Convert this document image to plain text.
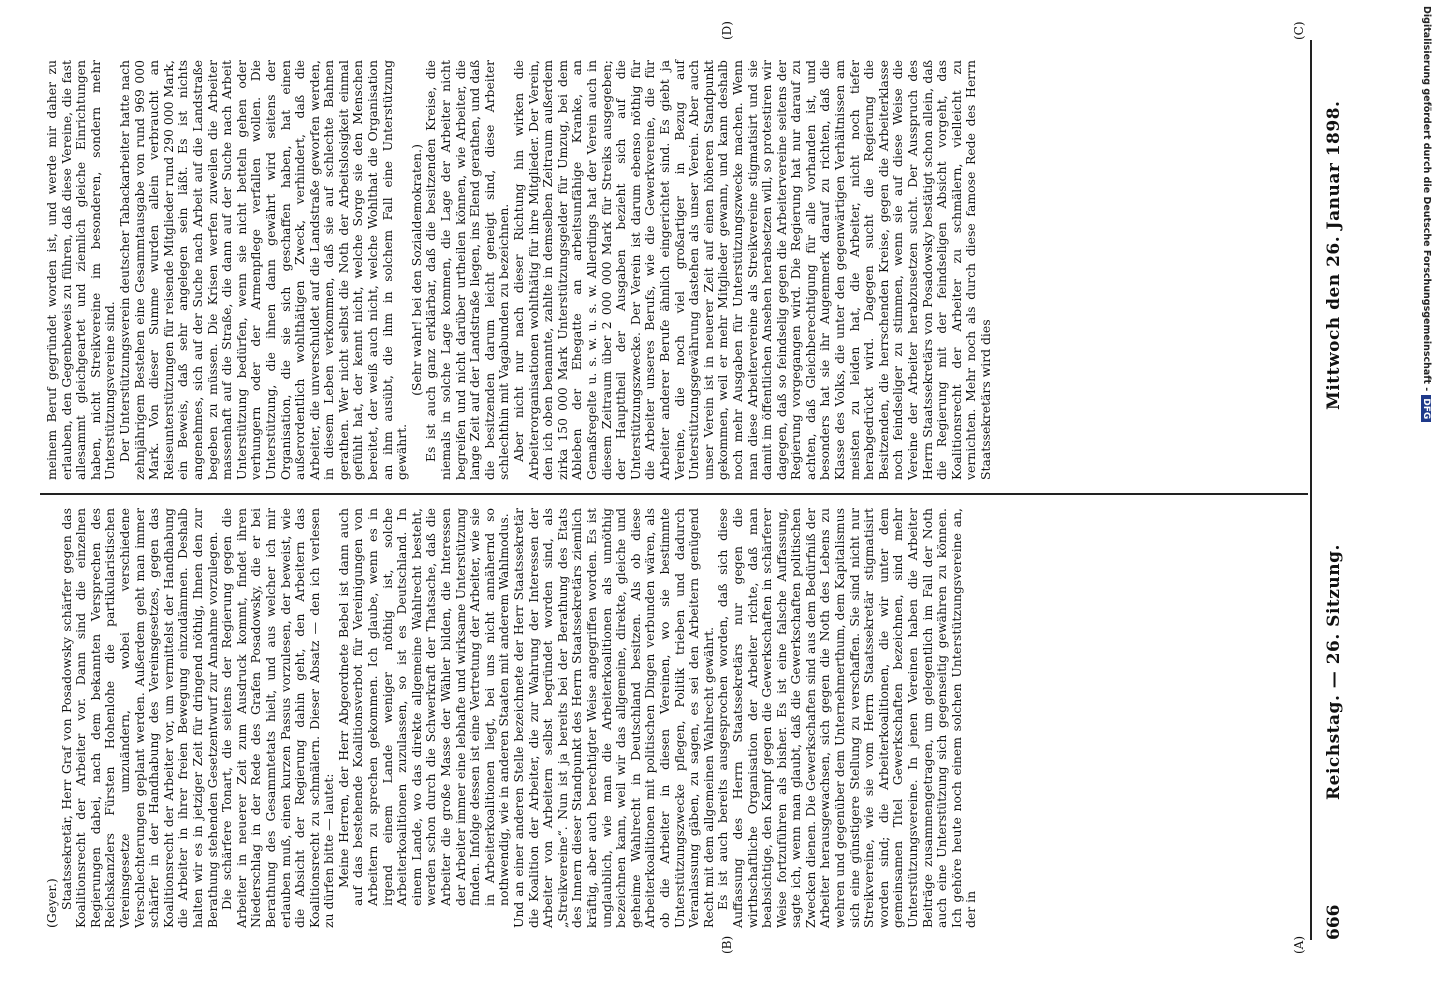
666
Reichstag. — 26. Sitzung.
Mittwoch den 26. Januar 1898.
(A)
(B)
(C)
(D)

(Geyer.) Staatssekretär, Herr Graf von Posadowsky schärfer gegen das Koalitionsrecht der Arbeiter vor. Dann sind die einzelnen Regierungen dabei, nach dem bekannten Versprechen des Reichskanzlers Fürsten Hohenlohe die partikularistischen Vereinsgesetze umzuändern, wobei verschiedene Verschlechterungen geplant werden. Außerdem geht man immer schärfer in der Handhabung des Vereinsgesetzes, gegen das Koalitionsrecht der Arbeiter vor, um vermittelst der Handhabung die Arbeiter in ihrer freien Bewegung einzudämmen. Deshalb halten wir es in jetziger Zeit für dringend nöthig, Ihnen den zur Berathung stehenden Gesetzentwurf zur Annahme vorzulegen. Die schärfere Tonart, die seitens der Regierung gegen die Arbeiter in neuerer Zeit zum Ausdruck kommt, findet ihren Niederschlag in der Rede des Grafen Posadowsky, die er bei Berathung des Gesammtetats hielt, und aus welcher ich mir erlauben muß, einen kurzen Passus vorzulesen, der beweist, wie die Absicht der Regierung dahin geht, den Arbeitern das Koalitionsrecht zu schmälern. Dieser Absatz — den ich verlesen zu dürfen bitte — lautet: Meine Herren, der Herr Abgeordnete Bebel ist dann auch auf das bestehende Koalitionsverbot für Vereinigungen von Arbeitern zu sprechen gekommen. Ich glaube, wenn es in irgend einem Lande weniger nöthig ist, solche Arbeiterkoalitionen zuzulassen, so ist es Deutschland. In einem Lande, wo das direkte allgemeine Wahlrecht besteht, werden schon durch die Schwerkraft der Thatsache, daß die Arbeiter die große Masse der Wähler bilden, die Interessen der Arbeiter immer eine lebhafte und wirksame Unterstützung finden. Infolge dessen ist eine Vertretung der Arbeiter, wie sie in Arbeiterkoalitionen liegt, bei uns nicht annähernd so nothwendig, wie in anderen Staaten mit anderem Wahlmodus. Und an einer anderen Stelle bezeichnete der Herr Staatssekretär die Koalition der Arbeiter, die zur Wahrung der Interessen der Arbeiter von Arbeitern selbst begründet worden sind, als „Streikvereine“. Nun ist ja bereits bei der Berathung des Etats des Innern dieser Standpunkt des Herrn Staatssekretärs ziemlich kräftig, aber auch berechtigter Weise angegriffen worden. Es ist unglaublich, wie man die Arbeiterkoalitionen als unnöthig bezeichnen kann, weil wir das allgemeine, direkte, gleiche und geheime Wahlrecht in Deutschland besitzen. Als ob diese Arbeiterkoalitionen mit politischen Dingen verbunden wären, als ob die Arbeiter in diesen Vereinen, wo sie bestimmte Unterstützungszwecke pflegen, Politik trieben und dadurch Veranlassung gäben, zu sagen, es sei den Arbeitern genügend Recht mit dem allgemeinen Wahlrecht gewährt. Es ist auch bereits ausgesprochen worden, daß sich diese Auffassung des Herrn Staatssekretärs nur gegen die wirthschaftliche Organisation der Arbeiter richte, daß man beabsichtige, den Kampf gegen die Gewerkschaften in schärferer Weise fortzuführen als bisher. Es ist eine falsche Auffassung, sagte ich, wenn man glaubt, daß die Gewerkschaften politischen Zwecken dienen. Die Gewerkschaften sind aus dem Bedürfniß der Arbeiter herausgewachsen, sich gegen die Noth des Lebens zu wehren und gegenüber dem Unternehmerthum, dem Kapitalismus sich eine günstigere Stellung zu verschaffen. Sie sind nicht nur Streikvereine, wie sie vom Herrn Staatssekretär stigmatisirt worden sind; die Arbeiterkoalitionen, die wir unter dem gemeinsamen Titel Gewerkschaften bezeichnen, sind mehr Unterstützungsvereine. In jenen Vereinen haben die Arbeiter Beiträge zusammengetragen, um gelegentlich im Fall der Noth auch eine Unterstützung sich gegenseitig gewähren zu können. Ich gehöre heute noch einem solchen Unterstützungsvereine an, der in

meinem Beruf gegründet worden ist, und werde mir daher zu erlauben, den Gegenbeweis zu führen, daß diese Vereine, die fast allesammt gleichgeartet und ziemlich gleiche Einrichtungen haben, nicht Streikvereine im besonderen, sondern mehr Unterstützungsvereine sind. Der Unterstützungsverein deutscher Tabackarbeiter hatte nach zehnjährigem Bestehen eine Gesammtausgabe von rund 969 000 Mark. Von dieser Summe wurden allein verbraucht an Reiseunterstützungen für reisende Mitglieder rund 290 000 Mark, ein Beweis, daß sehr angelegen sein läßt. Es ist nichts angenehmes, sich auf der Suche nach Arbeit auf die Landstraße begeben zu müssen. Die Krisen werfen zuweilen die Arbeiter massenhaft auf die Straße, die dann auf der Suche nach Arbeit Unterstützung bedürfen, wenn sie nicht betteln gehen oder verhungern oder der Armenpflege verfallen wollen. Die Unterstützung, die ihnen dann gewährt wird seitens der Organisation, die sie sich geschaffen haben, hat einen außerordentlich wohlthätigen Zweck, verhindert, daß die Arbeiter, die unverschuldet auf die Landstraße geworfen werden, in diesem Leben verkommen, daß sie auf schlechte Bahnen gerathen. Wer nicht selbst die Noth der Arbeitslosigkeit einmal gefühlt hat, der kennt nicht, welche Sorge sie den Menschen bereitet, der weiß auch nicht, welche Wohlthat die Organisation an ihm ausübt, die ihm in solchem Fall eine Unterstützung gewährt.

(Sehr wahr! bei den Sozialdemokraten.) Es ist auch ganz erklärbar, daß die besitzenden Kreise, die niemals in solche Lage kommen, die Lage der Arbeiter nicht begreifen und nicht darüber urtheilen können, wie Arbeiter, die lange Zeit auf der Landstraße liegen, ins Elend gerathen, und daß die besitzenden darum leicht geneigt sind, diese Arbeiter schlechthin mit Vagabunden zu bezeichnen. Aber nicht nur nach dieser Richtung hin wirken die Arbeiterorganisationen wohlthätig für ihre Mitglieder. Der Verein, den ich oben benannte, zahlte in demselben Zeitraum außerdem zirka 150 000 Mark Unterstützungsgelder für Umzug, bei dem Ableben der Ehegatte an arbeitsunfähige Kranke, an Gemaßregelte u. s. w. u. s. w. Allerdings hat der Verein auch in diesem Zeitraum über 2 000 000 Mark für Streiks ausgegeben; der Haupttheil der Ausgaben bezieht sich auf die Unterstützungszwecke. Der Verein ist darum ebenso nöthig für die Arbeiter unseres Berufs, wie die Gewerkvereine, die für Arbeiter anderer Berufe ähnlich eingerichtet sind. Es giebt ja Vereine, die noch viel großartiger in Bezug auf Unterstützungsgewährung dastehen als unser Verein. Aber auch unser Verein ist in neuerer Zeit auf einen höheren Standpunkt gekommen, weil er mehr Mitglieder gewann, und kann deshalb noch mehr Ausgaben für Unterstützungszwecke machen. Wenn man diese Arbeitervereine als Streikvereine stigmatisirt und sie damit im öffentlichen Ansehen herabsetzen will, so protestiren wir dagegen, daß so feindselig gegen die Arbeitervereine seitens der Regierung vorgegangen wird. Die Regierung hat nur darauf zu achten, daß Gleichberechtigung für alle vorhanden ist, und besonders hat sie ihr Augenmerk darauf zu richten, daß die Klasse des Volks, die unter den gegenwärtigen Verhältnissen am meisten zu leiden hat, die Arbeiter, nicht noch tiefer herabgedrückt wird. Dagegen sucht die Regierung die Besitzenden, die herrschenden Kreise, gegen die Arbeiterklasse noch feindseliger zu stimmen, wenn sie auf diese Weise die Vereine der Arbeiter herabzusetzen sucht. Der Ausspruch des Herrn Staatssekretärs von Posadowsky bestätigt schon allein, daß die Regierung mit der feindseligen Absicht vorgeht, das Koalitionsrecht der Arbeiter zu schmälern, vielleicht zu vernichten. Mehr noch als durch diese famose Rede des Herrn Staatssekretärs wird dies

Digitalisierung gefördert durch die Deutsche Forschungsgemeinschaft -DFG
